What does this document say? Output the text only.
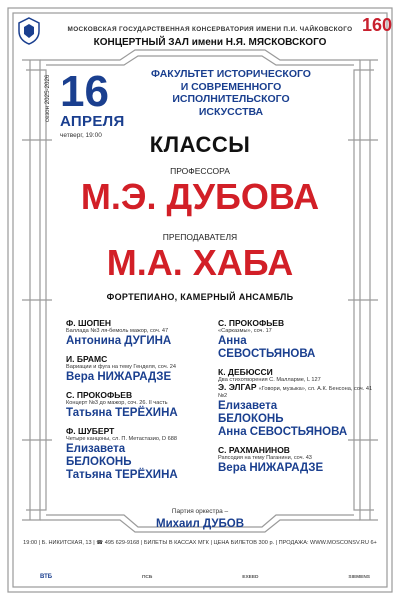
160
МОСКОВСКАЯ ГОСУДАРСТВЕННАЯ КОНСЕРВАТОРИЯ ИМЕНИ П.И. ЧАЙКОВСКОГО
КОНЦЕРТНЫЙ ЗАЛ имени Н.Я. МЯСКОВСКОГО
16
АПРЕЛЯ
четверг, 19:00
сезон 2025-2026
ФАКУЛЬТЕТ ИСТОРИЧЕСКОГО И СОВРЕМЕННОГО ИСПОЛНИТЕЛЬСКОГО ИСКУССТВА
КЛАССЫ
ПРОФЕССОРА
М.Э. ДУБОВА
ПРЕПОДАВАТЕЛЯ
М.А. ХАБА
ФОРТЕПИАНО, КАМЕРНЫЙ АНСАМБЛЬ
Ф. ШОПЕН
Баллада №3 ля-бемоль мажор, соч. 47
Антонина ДУГИНА
И. БРАМС
Вариации и фуга на тему Генделя, соч. 24
Вера НИЖАРАДЗЕ
С. ПРОКОФЬЕВ
Концерт №3 до мажор, соч. 26. II часть
Татьяна ТЕРЁХИНА
Ф. ШУБЕРТ
Четыре канцоны, сл. П. Метастазио, D 688
Елизавета
БЕЛОКОНЬ
Татьяна ТЕРЁХИНА
С. ПРОКОФЬЕВ
«Сарказмы», соч. 17
Анна
СЕВОСТЬЯНОВА
К. ДЕБЮССИ
Два стихотворения С. Малларме, L 127
Э. ЭЛГАР «Говори, музыка», сл. А.К. Бенсона, соч. 41 №2
Елизавета
БЕЛОКОНЬ
Анна СЕВОСТЬЯНОВА
С. РАХМАНИНОВ
Рапсодия на тему Паганини, соч. 43
Вера НИЖАРАДЗЕ
Партия оркестра –
Михаил ДУБОВ
19:00 | Б. НИКИТСКАЯ, 13 | ☎ 495 629-9168 | БИЛЕТЫ В КАССАХ МГК | ЦЕНА БИЛЕТОВ 300 р. | ПРОДАЖА: WWW.MOSCONSV.RU 6+
ВТБ	ПСБ	EXEED	SIEMENS
